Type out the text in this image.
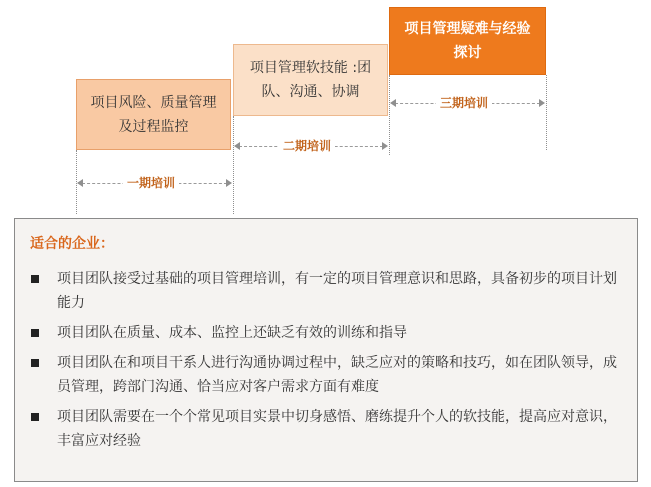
项目风险、质量管理及过程监控
项目管理软技能 :团队、沟通、协调
项目管理疑难与经验探讨
一期培训
二期培训
三期培训
适合的企业：
项目团队接受过基础的项目管理培训，有一定的项目管理意识和思路，具备初步的项目计划能力
项目团队在质量、成本、监控上还缺乏有效的训练和指导
项目团队在和项目干系人进行沟通协调过程中，缺乏应对的策略和技巧，如在团队领导，成员管理，跨部门沟通、恰当应对客户需求方面有难度
项目团队需要在一个个常见项目实景中切身感悟、磨练提升个人的软技能，提高应对意识，丰富应对经验
